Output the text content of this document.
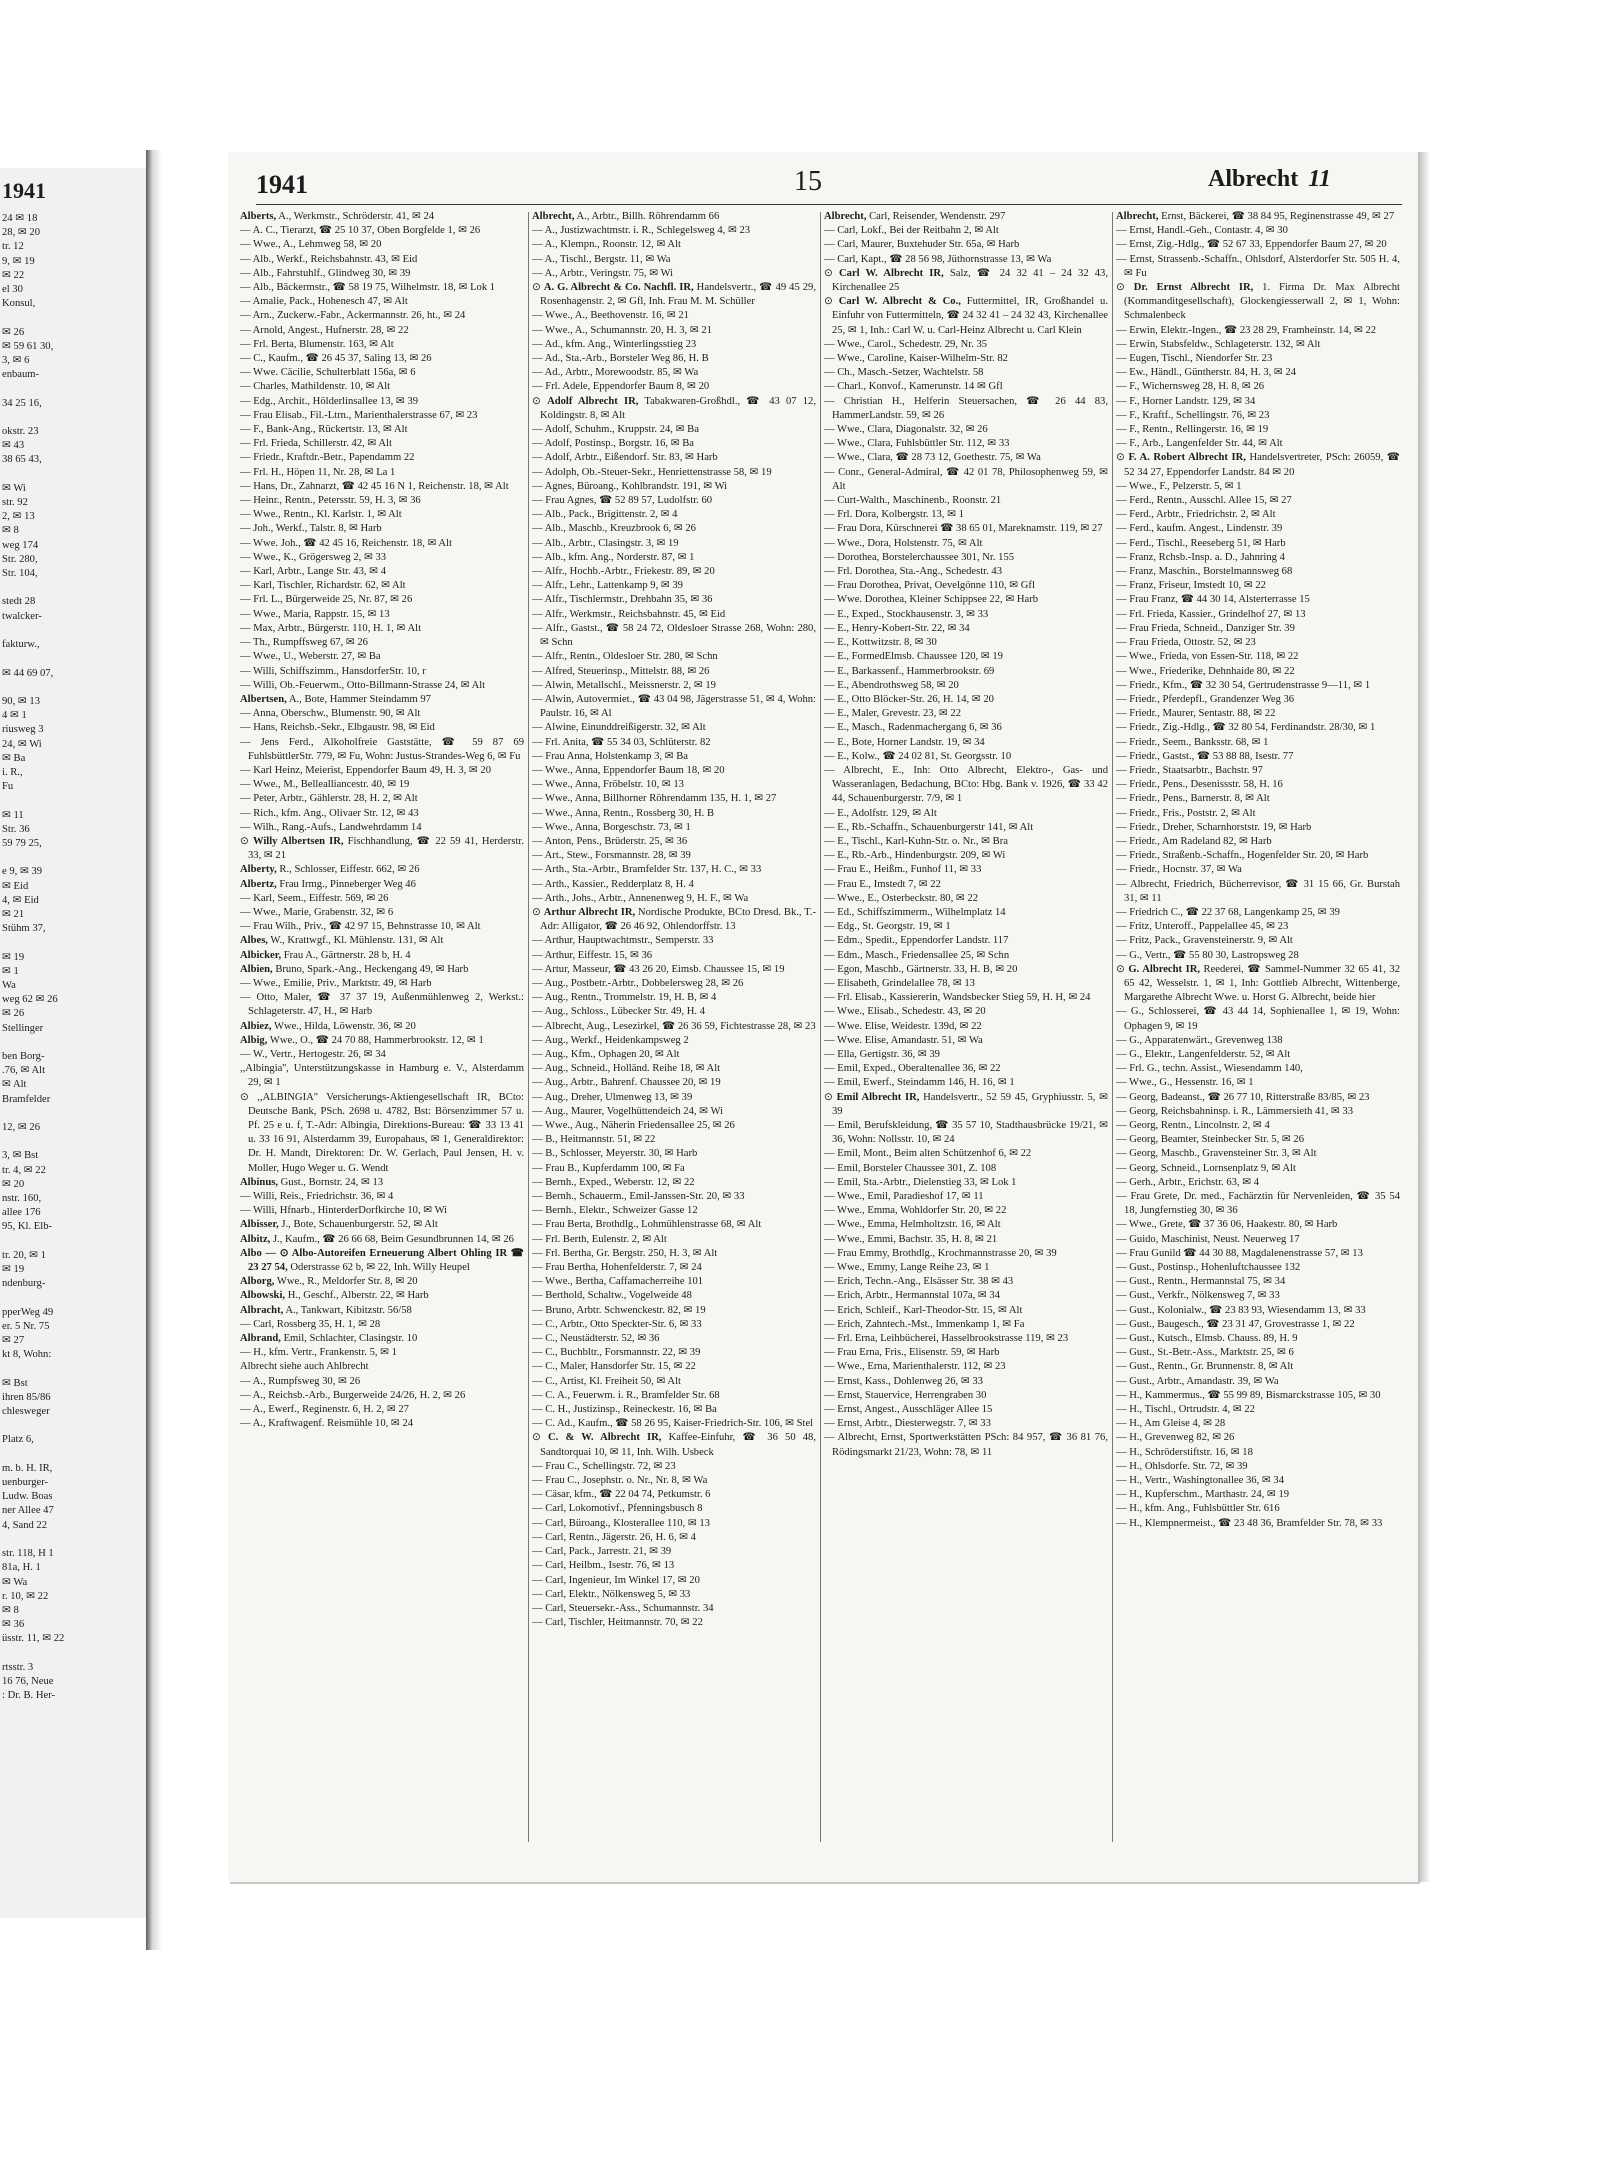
1941
24 ✉ 18
28, ✉ 20
tr. 12
9, ✉ 19
✉ 22
el 30
Konsul,

✉ 26
✉ 59 61 30,
3, ✉ 6
enbaum-

34 25 16,

okstr. 23
✉ 43
38 65 43,

✉ Wi
str. 92
2, ✉ 13
✉ 8
weg 174
Str. 280,
Str. 104,

stedt 28
twalcker-

fakturw.,

✉ 44 69 07,

90, ✉ 13
4 ✉ 1
riusweg 3
24, ✉ Wi
✉ Ba
i. R.,
Fu

✉ 11
Str. 36
59 79 25,

e 9, ✉ 39
✉ Eid
4, ✉ Eid
✉ 21
Stühm 37,

✉ 19
✉ 1
Wa
weg 62 ✉ 26
✉ 26
Stellinger

ben Borg-
.76, ✉ Alt
✉ Alt
Bramfelder

12, ✉ 26

3, ✉ Bst
tr. 4, ✉ 22
✉ 20
nstr. 160,
allee 176
95, Kl. Elb-

tr. 20, ✉ 1
✉ 19
ndenburg-

pperWeg 49
er. 5 Nr. 75
✉ 27
kt 8, Wohn:

✉ Bst
ihren 85/86
chlesweger

Platz 6,

m. b. H. IR,
uenburger-
Ludw. Boas
ner Allee 47
4, Sand 22

str. 118, H 1
81a, H. 1
✉ Wa
r. 10, ✉ 22
✉ 8
✉ 36
üsstr. 11, ✉ 22

rtsstr. 3
16 76, Neue
: Dr. B. Her-
1941	15	Albrecht 11
Alberts, A., Werkmstr., Schröderstr. 41, ✉ 24
— A. C., Tierarzt, ☎ 25 10 37, Oben Borgfelde 1, ✉ 26
— Wwe., A., Lehmweg 58, ✉ 20
— Alb., Werkf., Reichsbahnstr. 43, ✉ Eid
— Alb., Fahrstuhlf., Glindweg 30, ✉ 39
— Alb., Bäckermstr., ☎ 58 19 75, Wilhelmstr. 18, ✉ Lok 1
— Amalie, Pack., Hohenesch 47, ✉ Alt
— Arn., Zuckerw.-Fabr., Ackermannstr. 26, ht., ✉ 24
— Arnold, Angest., Hufnerstr. 28, ✉ 22
— Frl. Berta, Blumenstr. 163, ✉ Alt
— C., Kaufm., ☎ 26 45 37, Saling 13, ✉ 26
— Wwe. Cäcilie, Schulterblatt 156a, ✉ 6
— Charles, Mathildenstr. 10, ✉ Alt
— Edg., Archit., Hölderlinsallee 13, ✉ 39
— Frau Elisab., Fil.-Ltrn., Marienthalerstrasse 67, ✉ 23
— F., Bank-Ang., Rückertstr. 13, ✉ Alt
— Frl. Frieda, Schillerstr. 42, ✉ Alt
— Friedr., Kraftdr.-Betr., Papendamm 22
— Frl. H., Höpen 11, Nr. 28, ✉ La 1
— Hans, Dr., Zahnarzt, ☎ 42 45 16 N 1, Reichenstr. 18, ✉ Alt
— Heinr., Rentn., Petersstr. 59, H. 3, ✉ 36
— Wwe., Rentn., Kl. Karlstr. 1, ✉ Alt
— Joh., Werkf., Talstr. 8, ✉ Harb
— Wwe. Joh., ☎ 42 45 16, Reichenstr. 18, ✉ Alt
— Wwe., K., Grögersweg 2, ✉ 33
— Karl, Arbtr., Lange Str. 43, ✉ 4
— Karl, Tischler, Richardstr. 62, ✉ Alt
— Frl. L., Bürgerweide 25, Nr. 87, ✉ 26
— Wwe., Maria, Rappstr. 15, ✉ 13
— Max, Arbtr., Bürgerstr. 110, H. 1, ✉ Alt
— Th., Rumpffsweg 67, ✉ 26
— Wwe., U., Weberstr. 27, ✉ Ba
— Willi, Schiffszimm., HansdorferStr. 10, r
— Willi, Ob.-Feuerwm., Otto-Billmann-Strasse 24, ✉ Alt
Albertsen, A., Bote, Hammer Steindamm 97
— Anna, Oberschw., Blumenstr. 90, ✉ Alt
— Hans, Reichsb.-Sekr., Elbgaustr. 98, ✉ Eid
— Jens Ferd., Alkoholfreie Gaststätte, ☎ 59 87 69 FuhlsbüttlerStr. 779, ✉ Fu, Wohn: Justus-Strandes-Weg 6, ✉ Fu
— Karl Heinz, Meierist, Eppendorfer Baum 49, H. 3, ✉ 20
— Wwe., M., Bellealliancestr. 40, ✉ 19
— Peter, Arbtr., Gählerstr. 28, H. 2, ✉ Alt
— Rich., kfm. Ang., Olivaer Str. 12, ✉ 43
— Wilh., Rang.-Aufs., Landwehrdamm 14
⊙ Willy Albertsen IR, Fischhandlung, ☎ 22 59 41, Herderstr. 33, ✉ 21
Alberty, R., Schlosser, Eiffestr. 662, ✉ 26
Albertz, Frau Irmg., Pinneberger Weg 46
— Karl, Seem., Eiffestr. 569, ✉ 26
— Wwe., Marie, Grabenstr. 32, ✉ 6
— Frau Wilh., Priv., ☎ 42 97 15, Behnstrasse 10, ✉ Alt
Albes, W., Krattwgf., Kl. Mühlenstr. 131, ✉ Alt
Albicker, Frau A., Gärtnerstr. 28 b, H. 4
Albien, Bruno, Spark.-Ang., Heckengang 49, ✉ Harb
— Wwe., Emilie, Priv., Marktstr. 49, ✉ Harb
— Otto, Maler, ☎ 37 37 19, Außenmühlenweg 2, Werkst.: Schlageterstr. 47, H., ✉ Harb
Albiez, Wwe., Hilda, Löwenstr. 36, ✉ 20
Albig, Wwe., O., ☎ 24 70 88, Hammerbrookstr. 12, ✉ 1
— W., Vertr., Hertogestr. 26, ✉ 34
,,Albingia'', Unterstützungskasse in Hamburg e. V., Alsterdamm 29, ✉ 1
⊙ ,,ALBINGIA" Versicherungs-Aktiengesellschaft IR, BCto: Deutsche Bank, PSch. 2698 u. 4782, Bst: Börsenzimmer 57 u. Pf. 25 e u. f, T.-Adr: Albingia, Direktions-Bureau: ☎ 33 13 41 u. 33 16 91, Alsterdamm 39, Europahaus, ✉ 1, Generaldirektor: Dr. H. Mandt, Direktoren: Dr. W. Gerlach, Paul Jensen, H. v. Moller, Hugo Weger u. G. Wendt
Albinus, Gust., Bornstr. 24, ✉ 13
— Willi, Reis., Friedrichstr. 36, ✉ 4
— Willi, Hfnarb., HinterderDorfkirche 10, ✉ Wi
Albisser, J., Bote, Schauenburgerstr. 52, ✉ Alt
Albitz, J., Kaufm., ☎ 26 66 68, Beim Gesundbrunnen 14, ✉ 26
Albo — ⊙ Albo-Autoreifen Erneuerung Albert Ohling IR ☎ 23 27 54, Oderstrasse 62 b, ✉ 22, Inh. Willy Heupel
Alborg, Wwe., R., Meldorfer Str. 8, ✉ 20
Albowski, H., Geschf., Alberstr. 22, ✉ Harb
Albracht, A., Tankwart, Kibitzstr. 56/58
— Carl, Rossberg 35, H. 1, ✉ 28
Albrand, Emil, Schlachter, Clasingstr. 10
— H., kfm. Vertr., Frankenstr. 5, ✉ 1
Albrecht siehe auch Ahlbrecht
— A., Rumpfsweg 30, ✉ 26
— A., Reichsb.-Arb., Burgerweide 24/26, H. 2, ✉ 26
— A., Ewerf., Reginenstr. 6, H. 2, ✉ 27
— A., Kraftwagenf. Reismühle 10, ✉ 24
Albrecht, A., Arbtr., Billh. Röhrendamm 66
— A., Justizwachtmstr. i. R., Schlegelsweg 4, ✉ 23
— A., Klempn., Roonstr. 12, ✉ Alt
— A., Tischl., Bergstr. 11, ✉ Wa
— A., Arbtr., Veringstr. 75, ✉ Wi
⊙ A. G. Albrecht & Co. Nachfl. IR, Handelsvertr., ☎ 49 45 29, Rosenhagenstr. 2, ✉ Gfl, Inh. Frau M. M. Schüller
— Wwe., A., Beethovenstr. 16, ✉ 21
— Wwe., A., Schumannstr. 20, H. 3, ✉ 21
— Ad., kfm. Ang., Winterlingsstieg 23
— Ad., Sta.-Arb., Borsteler Weg 86, H. B
— Ad., Arbtr., Morewoodstr. 85, ✉ Wa
— Frl. Adele, Eppendorfer Baum 8, ✉ 20
⊙ Adolf Albrecht IR, Tabakwaren-Großhdl., ☎ 43 07 12, Koldingstr. 8, ✉ Alt
— Adolf, Schuhm., Kruppstr. 24, ✉ Ba
— Adolf, Postinsp., Borgstr. 16, ✉ Ba
— Adolf, Arbtr., Eißendorf. Str. 83, ✉ Harb
— Adolph, Ob.-Steuer-Sekr., Henriettenstrasse 58, ✉ 19
— Agnes, Büroang., Kohlbrandstr. 191, ✉ Wi
— Frau Agnes, ☎ 52 89 57, Ludolfstr. 60
— Alb., Pack., Brigittenstr. 2, ✉ 4
— Alb., Maschb., Kreuzbrook 6, ✉ 26
— Alb., Arbtr., Clasingstr. 3, ✉ 19
— Alb., kfm. Ang., Norderstr. 87, ✉ 1
— Alfr., Hochb.-Arbtr., Friekestr. 89, ✉ 20
— Alfr., Lehr., Lattenkamp 9, ✉ 39
— Alfr., Tischlermstr., Drehbahn 35, ✉ 36
— Alfr., Werkmstr., Reichsbahnstr. 45, ✉ Eid
— Alfr., Gastst., ☎ 58 24 72, Oldesloer Strasse 268, Wohn: 280, ✉ Schn
— Alfr., Rentn., Oldesloer Str. 280, ✉ Schn
— Alfred, Steuerinsp., Mittelstr. 88, ✉ 26
— Alwin, Metallschl., Meissnerstr. 2, ✉ 19
— Alwin, Autovermiet., ☎ 43 04 98, Jägerstrasse 51, ✉ 4, Wohn: Paulstr. 16, ✉ Al
— Alwine, Einunddreißigerstr. 32, ✉ Alt
— Frl. Anita, ☎ 55 34 03, Schlüterstr. 82
— Frau Anna, Holstenkamp 3, ✉ Ba
— Wwe., Anna, Eppendorfer Baum 18, ✉ 20
— Wwe., Anna, Fröbelstr. 10, ✉ 13
— Wwe., Anna, Billhorner Röhrendamm 135, H. 1, ✉ 27
— Wwe., Anna, Rentn., Rossberg 30, H. B
— Wwe., Anna, Borgeschstr. 73, ✉ 1
— Anton, Pens., Brüderstr. 25, ✉ 36
— Art., Stew., Forsmannstr. 28, ✉ 39
— Arth., Sta.-Arbtr., Bramfelder Str. 137, H. C., ✉ 33
— Arth., Kassier., Redderplatz 8, H. 4
— Arth., Johs., Arbtr., Annenenweg 9, H. F., ✉ Wa
⊙ Arthur Albrecht IR, Nordische Produkte, BCto Dresd. Bk., T.-Adr: Alligator, ☎ 26 46 92, Ohlendorffstr. 13
— Arthur, Hauptwachtmstr., Semperstr. 33
— Arthur, Eiffestr. 15, ✉ 36
— Artur, Masseur, ☎ 43 26 20, Eimsb. Chaussee 15, ✉ 19
— Aug., Postbetr.-Arbtr., Dobbelersweg 28, ✉ 26
— Aug., Rentn., Trommelstr. 19, H. B, ✉ 4
— Aug., Schloss., Lübecker Str. 49, H. 4
— Albrecht, Aug., Lesezirkel, ☎ 26 36 59, Fichtestrasse 28, ✉ 23
— Aug., Werkf., Heidenkampsweg 2
— Aug., Kfm., Ophagen 20, ✉ Alt
— Aug., Schneid., Holländ. Reihe 18, ✉ Alt
— Aug., Arbtr., Bahrenf. Chaussee 20, ✉ 19
— Aug., Dreher, Ulmenweg 13, ✉ 39
— Aug., Maurer, Vogelhüttendeich 24, ✉ Wi
— Wwe., Aug., Näherin Friedensallee 25, ✉ 26
— B., Heitmannstr. 51, ✉ 22
— B., Schlosser, Meyerstr. 30, ✉ Harb
— Frau B., Kupferdamm 100, ✉ Fa
— Bernh., Exped., Weberstr. 12, ✉ 22
— Bernh., Schauerm., Emil-Janssen-Str. 20, ✉ 33
— Bernh., Elektr., Schweizer Gasse 12
— Frau Berta, Brothdlg., Lohmühlenstrasse 68, ✉ Alt
— Frl. Berth, Eulenstr. 2, ✉ Alt
— Frl. Bertha, Gr. Bergstr. 250, H. 3, ✉ Alt
— Frau Bertha, Hohenfelderstr. 7, ✉ 24
— Wwe., Bertha, Caffamacherreihe 101
— Berthold, Schaltw., Vogelweide 48
— Bruno, Arbtr. Schwenckestr. 82, ✉ 19
— C., Arbtr., Otto Speckter-Str. 6, ✉ 33
— C., Neustädterstr. 52, ✉ 36
— C., Buchbltr., Forsmannstr. 22, ✉ 39
— C., Maler, Hansdorfer Str. 15, ✉ 22
— C., Artist, Kl. Freiheit 50, ✉ Alt
— C. A., Feuerwm. i. R., Bramfelder Str. 68
— C. H., Justizinsp., Reineckestr. 16, ✉ Ba
— C. Ad., Kaufm., ☎ 58 26 95, Kaiser-Friedrich-Str. 106, ✉ Stel
⊙ C. & W. Albrecht IR, Kaffee-Einfuhr, ☎ 36 50 48, Sandtorquai 10, ✉ 11, Inh. Wilh. Usbeck
— Frau C., Schellingstr. 72, ✉ 23
— Frau C., Josephstr. o. Nr., Nr. 8, ✉ Wa
— Cäsar, kfm., ☎ 22 04 74, Petkumstr. 6
— Carl, Lokomotivf., Pfenningsbusch 8
— Carl, Büroang., Klosterallee 110, ✉ 13
— Carl, Rentn., Jägerstr. 26, H. 6, ✉ 4
— Carl, Pack., Jarrestr. 21, ✉ 39
— Carl, Heilbm., Isestr. 76, ✉ 13
— Carl, Ingenieur, Im Winkel 17, ✉ 20
— Carl, Elektr., Nölkensweg 5, ✉ 33
— Carl, Steuersekr.-Ass., Schumannstr. 34
— Carl, Tischler, Heitmannstr. 70, ✉ 22
Albrecht, Carl, Reisender, Wendenstr. 297
— Carl, Lokf., Bei der Reitbahn 2, ✉ Alt
— Carl, Maurer, Buxtehuder Str. 65a, ✉ Harb
— Carl, Kapt., ☎ 28 56 98, Jüthornstrasse 13, ✉ Wa
⊙ Carl W. Albrecht IR, Salz, ☎ 24 32 41 – 24 32 43, Kirchenallee 25
⊙ Carl W. Albrecht & Co., Futtermittel, IR, Großhandel u. Einfuhr von Futtermitteln, ☎ 24 32 41 – 24 32 43, Kirchenallee 25, ✉ 1, Inh.: Carl W. u. Carl-Heinz Albrecht u. Carl Klein
— Wwe., Carol., Schedestr. 29, Nr. 35
— Wwe., Caroline, Kaiser-Wilhelm-Str. 82
— Ch., Masch.-Setzer, Wachtelstr. 58
— Charl., Konvof., Kamerunstr. 14 ✉ Gfl
— Christian H., Helferin Steuersachen, ☎ 26 44 83, HammerLandstr. 59, ✉ 26
— Wwe., Clara, Diagonalstr. 32, ✉ 26
— Wwe., Clara, Fuhlsbüttler Str. 112, ✉ 33
— Wwe., Clara, ☎ 28 73 12, Goethestr. 75, ✉ Wa
— Conr., General-Admiral, ☎ 42 01 78, Philosophenweg 59, ✉ Alt
— Curt-Walth., Maschinenb., Roonstr. 21
— Frl. Dora, Kolbergstr. 13, ✉ 1
— Frau Dora, Kürschnerei ☎ 38 65 01, Mareknamstr. 119, ✉ 27
— Wwe., Dora, Holstenstr. 75, ✉ Alt
— Dorothea, Borstelerchaussee 301, Nr. 155
— Frl. Dorothea, Sta.-Ang., Schedestr. 43
— Frau Dorothea, Privat, Oevelgönne 110, ✉ Gfl
— Wwe. Dorothea, Kleiner Schippsee 22, ✉ Harb
— E., Exped., Stockhausenstr. 3, ✉ 33
— E., Henry-Kobert-Str. 22, ✉ 34
— E., Kottwitzstr. 8, ✉ 30
— E., FormedElmsb. Chaussee 120, ✉ 19
— E., Barkassenf., Hammerbrookstr. 69
— E., Abendrothsweg 58, ✉ 20
— E., Otto Blöcker-Str. 26, H. 14, ✉ 20
— E., Maler, Grevestr. 23, ✉ 22
— E., Masch., Radenmachergang 6, ✉ 36
— E., Bote, Horner Landstr. 19, ✉ 34
— E., Kolw., ☎ 24 02 81, St. Georgsstr. 10
— Albrecht, E., Inh: Otto Albrecht, Elektro-, Gas- und Wasseranlagen, Bedachung, BCto: Hbg. Bank v. 1926, ☎ 33 42 44, Schauenburgerstr. 7/9, ✉ 1
— E., Adolfstr. 129, ✉ Alt
— E., Rb.-Schaffn., Schauenburgerstr 141, ✉ Alt
— E., Tischl., Karl-Kuhn-Str. o. Nr., ✉ Bra
— E., Rb.-Arb., Hindenburgstr. 209, ✉ Wi
— Frau E., Heißm., Funhof 11, ✉ 33
— Frau E., Imstedt 7, ✉ 22
— Wwe., E., Osterbeckstr. 80, ✉ 22
— Ed., Schiffszimmerm., Wilhelmplatz 14
— Edg., St. Georgstr. 19, ✉ 1
— Edm., Spedit., Eppendorfer Landstr. 117
— Edm., Masch., Friedensallee 25, ✉ Schn
— Egon, Maschb., Gärtnerstr. 33, H. B, ✉ 20
— Elisabeth, Grindelallee 78, ✉ 13
— Frl. Elisab., Kassiererin, Wandsbecker Stieg 59, H. H, ✉ 24
— Wwe., Elisab., Schedestr. 43, ✉ 20
— Wwe. Elise, Weidestr. 139d, ✉ 22
— Wwe. Elise, Amandastr. 51, ✉ Wa
— Ella, Gertigstr. 36, ✉ 39
— Emil, Exped., Oberaltenallee 36, ✉ 22
— Emil, Ewerf., Steindamm 146, H. 16, ✉ 1
⊙ Emil Albrecht IR, Handelsvertr., 52 59 45, Gryphiusstr. 5, ✉ 39
— Emil, Berufskleidung, ☎ 35 57 10, Stadthausbrücke 19/21, ✉ 36, Wohn: Nollsstr. 10, ✉ 24
— Emil, Mont., Beim alten Schützenhof 6, ✉ 22
— Emil, Borsteler Chaussee 301, Z. 108
— Emil, Sta.-Arbtr., Dielenstieg 33, ✉ Lok 1
— Wwe., Emil, Paradieshof 17, ✉ 11
— Wwe., Emma, Wohldorfer Str. 20, ✉ 22
— Wwe., Emma, Helmholtzstr. 16, ✉ Alt
— Wwe., Emmi, Bachstr. 35, H. 8, ✉ 21
— Frau Emmy, Brothdlg., Krochmannstrasse 20, ✉ 39
— Wwe., Emmy, Lange Reihe 23, ✉ 1
— Erich, Techn.-Ang., Elsässer Str. 38 ✉ 43
— Erich, Arbtr., Hermannstal 107a, ✉ 34
— Erich, Schleif., Karl-Theodor-Str. 15, ✉ Alt
— Erich, Zahntech.-Mst., Immenkamp 1, ✉ Fa
— Frl. Erna, Leihbücherei, Hasselbrookstrasse 119, ✉ 23
— Frau Erna, Fris., Elisenstr. 59, ✉ Harb
— Wwe., Erna, Marienthalerstr. 112, ✉ 23
— Ernst, Kass., Dohlenweg 26, ✉ 33
— Ernst, Stauervice, Herrengraben 30
— Ernst, Angest., Ausschläger Allee 15
— Ernst, Arbtr., Diesterwegstr. 7, ✉ 33
— Albrecht, Ernst, Sportwerkstätten PSch: 84 957, ☎ 36 81 76, Rödingsmarkt 21/23, Wohn: 78, ✉ 11
Albrecht, Ernst, Bäckerei, ☎ 38 84 95, Reginenstrasse 49, ✉ 27
— Ernst, Handl.-Geh., Contastr. 4, ✉ 30
— Ernst, Zig.-Hdlg., ☎ 52 67 33, Eppendorfer Baum 27, ✉ 20
— Ernst, Strassenb.-Schaffn., Ohlsdorf, Alsterdorfer Str. 505 H. 4, ✉ Fu
⊙ Dr. Ernst Albrecht IR, 1. Firma Dr. Max Albrecht (Kommanditgesellschaft), Glockengiesserwall 2, ✉ 1, Wohn: Schmalenbeck
— Erwin, Elektr.-Ingen., ☎ 23 28 29, Framheinstr. 14, ✉ 22
— Erwin, Stabsfeldw., Schlageterstr. 132, ✉ Alt
— Eugen, Tischl., Niendorfer Str. 23
— Ew., Händl., Güntherstr. 84, H. 3, ✉ 24
— F., Wichernsweg 28, H. 8, ✉ 26
— F., Horner Landstr. 129, ✉ 34
— F., Kraftf., Schellingstr. 76, ✉ 23
— F., Rentn., Rellingerstr. 16, ✉ 19
— F., Arb., Langenfelder Str. 44, ✉ Alt
⊙ F. A. Robert Albrecht IR, Handelsvertreter, PSch: 26059, ☎ 52 34 27, Eppendorfer Landstr. 84 ✉ 20
— Wwe., F., Pelzerstr. 5, ✉ 1
— Ferd., Rentn., Ausschl. Allee 15, ✉ 27
— Ferd., Arbtr., Friedrichstr. 2, ✉ Alt
— Ferd., kaufm. Angest., Lindenstr. 39
— Ferd., Tischl., Reeseberg 51, ✉ Harb
— Franz, Rchsb.-Insp. a. D., Jahnring 4
— Franz, Maschin., Borstelmannsweg 68
— Franz, Friseur, Imstedt 10, ✉ 22
— Frau Franz, ☎ 44 30 14, Alsterterrasse 15
— Frl. Frieda, Kassier., Grindelhof 27, ✉ 13
— Frau Frieda, Schneid., Danziger Str. 39
— Frau Frieda, Ottostr. 52, ✉ 23
— Wwe., Frieda, von Essen-Str. 118, ✉ 22
— Wwe., Friederike, Dehnhaide 80, ✉ 22
— Friedr., Kfm., ☎ 32 30 54, Gertrudenstrasse 9—11, ✉ 1
— Friedr., Pferdepfl., Grandenzer Weg 36
— Friedr., Maurer, Sentastr. 88, ✉ 22
— Friedr., Zig.-Hdlg., ☎ 32 80 54, Ferdinandstr. 28/30, ✉ 1
— Friedr., Seem., Banksstr. 68, ✉ 1
— Friedr., Gastst., ☎ 53 88 88, Isestr. 77
— Friedr., Staatsarbtr., Bachstr. 97
— Friedr., Pens., Desenissstr. 58, H. 16
— Friedr., Pens., Barnerstr. 8, ✉ Alt
— Friedr., Fris., Poststr. 2, ✉ Alt
— Friedr., Dreher, Scharnhorststr. 19, ✉ Harb
— Friedr., Am Radeland 82, ✉ Harb
— Friedr., Straßenb.-Schaffn., Hogenfelder Str. 20, ✉ Harb
— Friedr., Hocnstr. 37, ✉ Wa
— Albrecht, Friedrich, Bücherrevisor, ☎ 31 15 66, Gr. Burstah 31, ✉ 11
— Friedrich C., ☎ 22 37 68, Langenkamp 25, ✉ 39
— Fritz, Unteroff., Pappelallee 45, ✉ 23
— Fritz, Pack., Gravensteinerstr. 9, ✉ Alt
— G., Vertr., ☎ 55 80 30, Lastropsweg 28
⊙ G. Albrecht IR, Reederei, ☎ Sammel-Nummer 32 65 41, 32 65 42, Wesselstr. 1, ✉ 1, Inh: Gottlieb Albrecht, Wittenberge, Margarethe Albrecht Wwe. u. Horst G. Albrecht, beide hier
— G., Schlosserei, ☎ 43 44 14, Sophienallee 1, ✉ 19, Wohn: Ophagen 9, ✉ 19
— G., Apparatenwärt., Grevenweg 138
— G., Elektr., Langenfelderstr. 52, ✉ Alt
— Frl. G., techn. Assist., Wiesendamm 140,
— Wwe., G., Hessenstr. 16, ✉ 1
— Georg, Badeanst., ☎ 26 77 10, Ritterstraße 83/85, ✉ 23
— Georg, Reichsbahninsp. i. R., Lämmersieth 41, ✉ 33
— Georg, Rentn., Lincolnstr. 2, ✉ 4
— Georg, Beamter, Steinbecker Str. 5, ✉ 26
— Georg, Maschb., Gravensteiner Str. 3, ✉ Alt
— Georg, Schneid., Lornsenplatz 9, ✉ Alt
— Gerh., Arbtr., Erichstr. 63, ✉ 4
— Frau Grete, Dr. med., Fachärztin für Nervenleiden, ☎ 35 54 18, Jungfernstieg 30, ✉ 36
— Wwe., Grete, ☎ 37 36 06, Haakestr. 80, ✉ Harb
— Guido, Maschinist, Neust. Neuerweg 17
— Frau Gunild ☎ 44 30 88, Magdalenenstrasse 57, ✉ 13
— Gust., Postinsp., Hohenluftchaussee 132
— Gust., Rentn., Hermannstal 75, ✉ 34
— Gust., Verkfr., Nölkensweg 7, ✉ 33
— Gust., Kolonialw., ☎ 23 83 93, Wiesendamm 13, ✉ 33
— Gust., Baugesch., ☎ 23 31 47, Grovestrasse 1, ✉ 22
— Gust., Kutsch., Elmsb. Chauss. 89, H. 9
— Gust., St.-Betr.-Ass., Marktstr. 25, ✉ 6
— Gust., Rentn., Gr. Brunnenstr. 8, ✉ Alt
— Gust., Arbtr., Amandastr. 39, ✉ Wa
— H., Kammermus., ☎ 55 99 89, Bismarckstrasse 105, ✉ 30
— H., Tischl., Ortrudstr. 4, ✉ 22
— H., Am Gleise 4, ✉ 28
— H., Grevenweg 82, ✉ 26
— H., Schröderstiftstr. 16, ✉ 18
— H., Ohlsdorfe. Str. 72, ✉ 39
— H., Vertr., Washingtonallee 36, ✉ 34
— H., Kupferschm., Marthastr. 24, ✉ 19
— H., kfm. Ang., Fuhlsbüttler Str. 616
— H., Klempnermeist., ☎ 23 48 36, Bramfelder Str. 78, ✉ 33
